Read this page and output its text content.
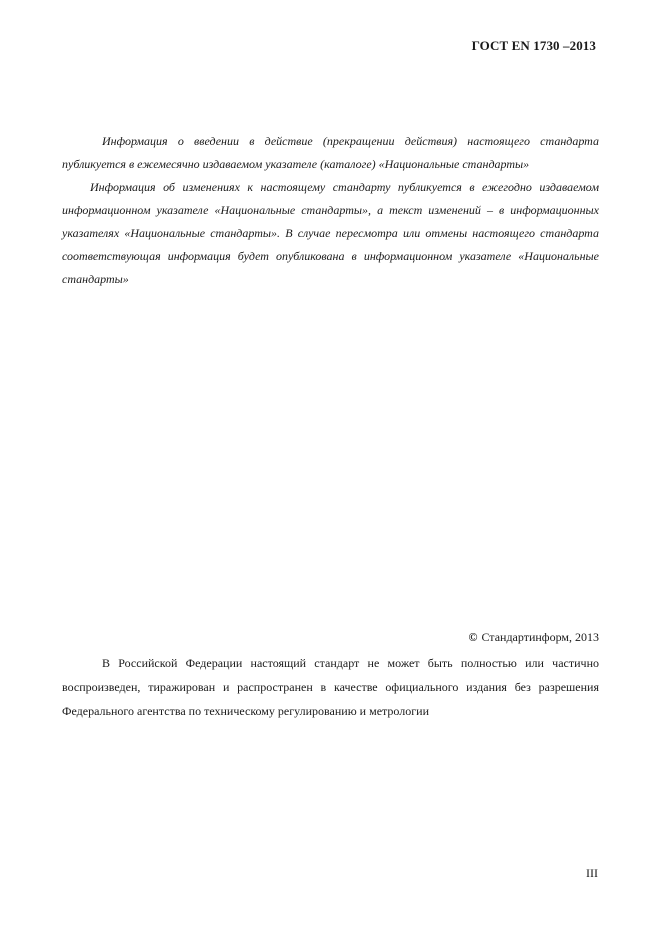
ГОСТ EN 1730 –2013

Информация о введении в действие (прекращении действия) настоящего стандарта публикуется в ежемесячно издаваемом указателе (каталоге) «Национальные стандарты»

Информация об изменениях к настоящему стандарту публикуется в ежегодно издаваемом информационном указателе «Национальные стандарты», а текст изменений – в информационных указателях «Национальные стандарты». В случае пересмотра или отмены настоящего стандарта соответствующая информация будет опубликована в информационном указателе «Национальные стандарты»

© Стандартинформ, 2013

В Российской Федерации настоящий стандарт не может быть полностью или частично воспроизведен, тиражирован и распространен в качестве официального издания без разрешения Федерального агентства по техническому регулированию и метрологии

III
